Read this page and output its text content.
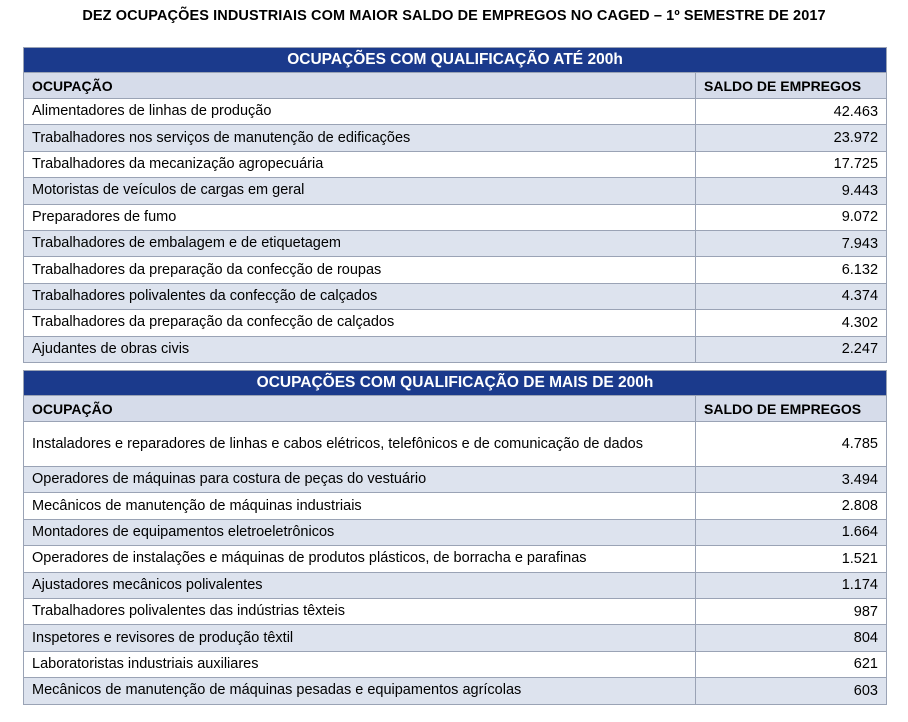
DEZ OCUPAÇÕES INDUSTRIAIS COM MAIOR SALDO DE EMPREGOS NO CAGED – 1º SEMESTRE DE 2017
OCUPAÇÕES COM QUALIFICAÇÃO ATÉ 200h	
OCUPAÇÃO	SALDO DE EMPREGOS
Alimentadores de linhas de produção	42.463
Trabalhadores nos serviços de manutenção de edificações	23.972
Trabalhadores da mecanização agropecuária	17.725
Motoristas de veículos de cargas em geral	9.443
Preparadores de fumo	9.072
Trabalhadores de embalagem e de etiquetagem	7.943
Trabalhadores da preparação da confecção de roupas	6.132
Trabalhadores polivalentes da confecção de calçados	4.374
Trabalhadores da preparação da confecção de calçados	4.302
Ajudantes de obras civis	2.247
OCUPAÇÕES COM QUALIFICAÇÃO DE MAIS DE 200h	
OCUPAÇÃO	SALDO DE EMPREGOS
Instaladores e reparadores de linhas e cabos elétricos, telefônicos e de comunicação de dados	4.785
Operadores de máquinas para costura de peças do vestuário	3.494
Mecânicos de manutenção de máquinas industriais	2.808
Montadores de equipamentos eletroeletrônicos	1.664
Operadores de instalações e máquinas de produtos plásticos, de borracha e parafinas	1.521
Ajustadores mecânicos polivalentes	1.174
Trabalhadores polivalentes das indústrias têxteis	987
Inspetores e revisores de produção têxtil	804
Laboratoristas industriais auxiliares	621
Mecânicos de manutenção de máquinas pesadas e equipamentos agrícolas	603
